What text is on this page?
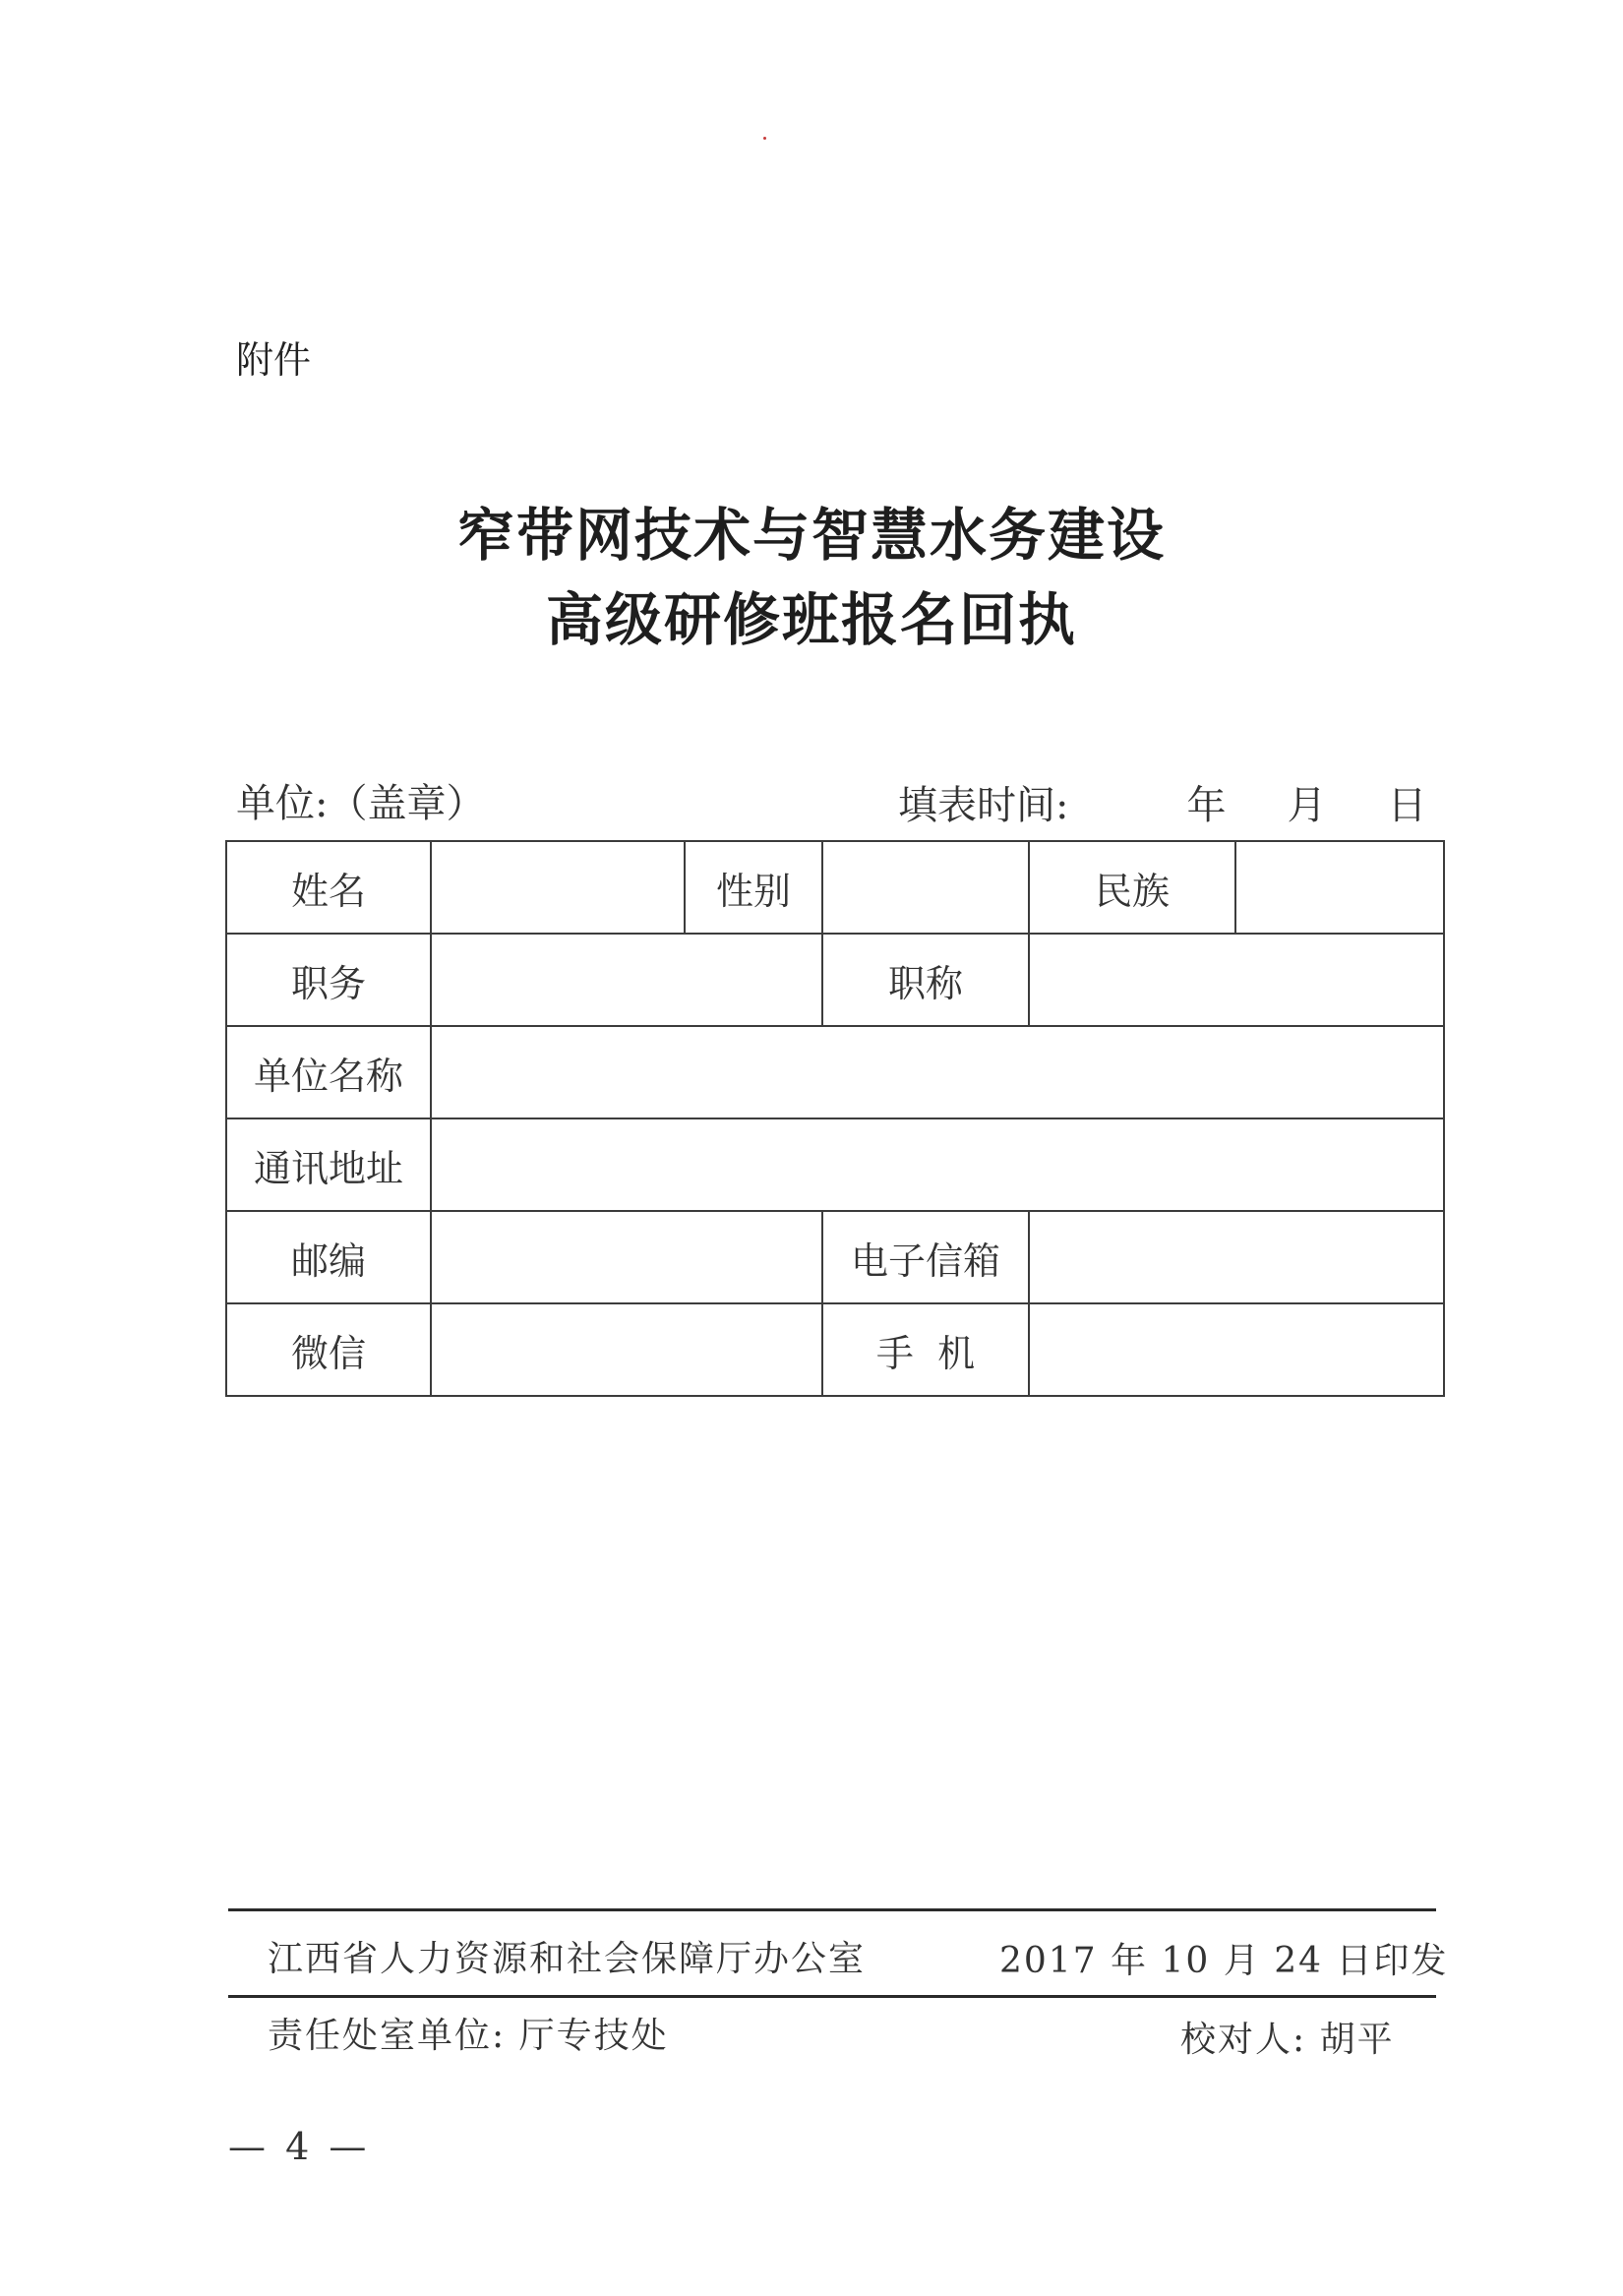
附件
窄带网技术与智慧水务建设
高级研修班报名回执
单位:（盖章）	填表时间:	年 月 日
姓名		性别		民族	
职务			职称		
单位名称					
通讯地址					
邮编			电子信箱		
微信			手  机		
江西省人力资源和社会保障厅办公室	2017 年 10 月 24 日印发
责任处室单位: 厅专技处	校对人: 胡平
— 4 —
